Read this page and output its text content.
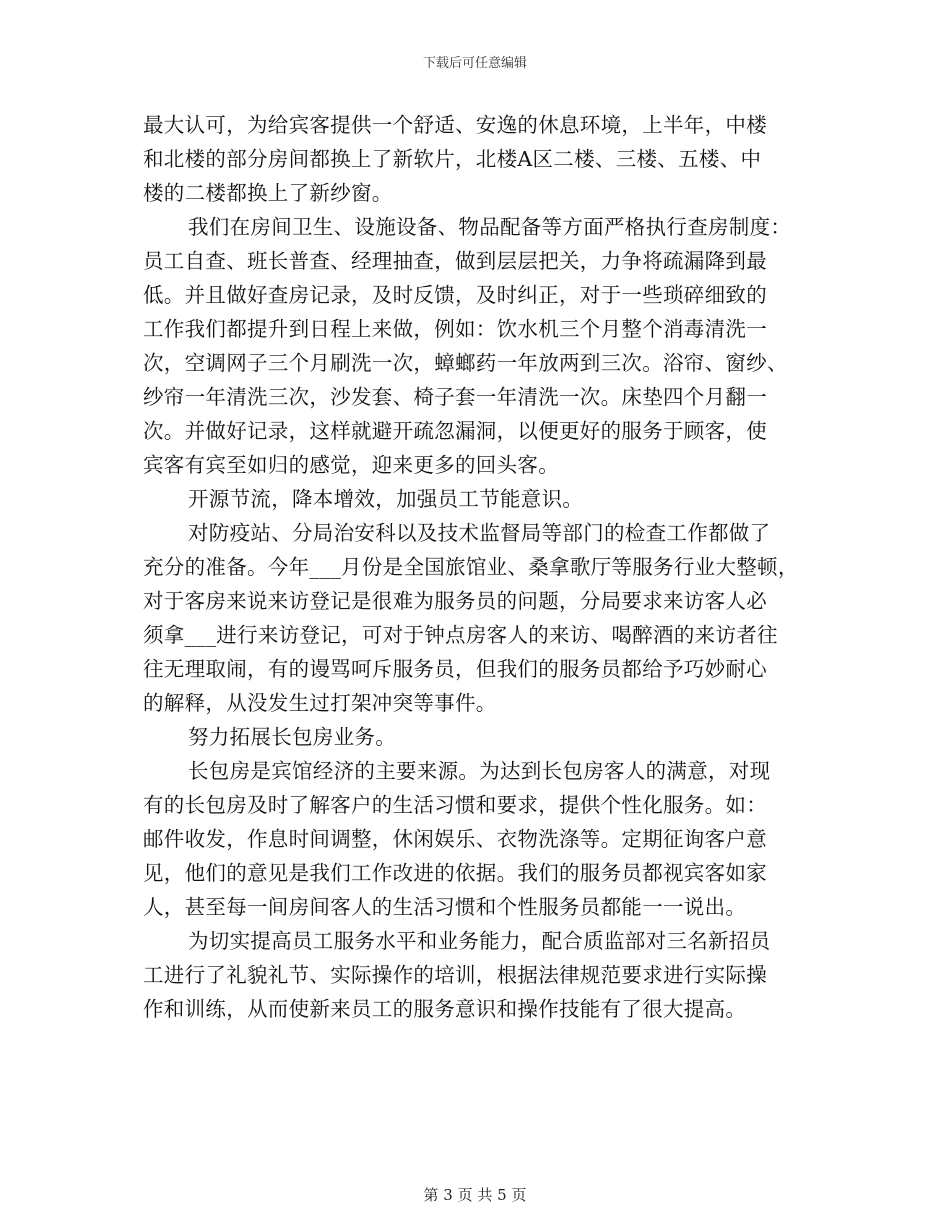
下载后可任意编辑
最大认可，为给宾客提供一个舒适、安逸的休息环境，上半年，中楼
和北楼的部分房间都换上了新软片，北楼A区二楼、三楼、五楼、中
楼的二楼都换上了新纱窗。
我们在房间卫生、设施设备、物品配备等方面严格执行查房制度：
员工自查、班长普查、经理抽查，做到层层把关，力争将疏漏降到最
低。并且做好查房记录，及时反馈，及时纠正，对于一些琐碎细致的
工作我们都提升到日程上来做，例如：饮水机三个月整个消毒清洗一
次，空调网子三个月刷洗一次，蟑螂药一年放两到三次。浴帘、窗纱、
纱帘一年清洗三次，沙发套、椅子套一年清洗一次。床垫四个月翻一
次。并做好记录，这样就避开疏忽漏洞，以便更好的服务于顾客，使
宾客有宾至如归的感觉，迎来更多的回头客。
开源节流，降本增效，加强员工节能意识。
对防疫站、分局治安科以及技术监督局等部门的检查工作都做了
充分的准备。今年___月份是全国旅馆业、桑拿歌厅等服务行业大整顿，
对于客房来说来访登记是很难为服务员的问题，分局要求来访客人必
须拿___进行来访登记，可对于钟点房客人的来访、喝醉酒的来访者往
往无理取闹，有的谩骂呵斥服务员，但我们的服务员都给予巧妙耐心
的解释，从没发生过打架冲突等事件。
努力拓展长包房业务。
长包房是宾馆经济的主要来源。为达到长包房客人的满意，对现
有的长包房及时了解客户的生活习惯和要求，提供个性化服务。如：
邮件收发，作息时间调整，休闲娱乐、衣物洗涤等。定期征询客户意
见，他们的意见是我们工作改进的依据。我们的服务员都视宾客如家
人，甚至每一间房间客人的生活习惯和个性服务员都能一一说出。
为切实提高员工服务水平和业务能力，配合质监部对三名新招员
工进行了礼貌礼节、实际操作的培训，根据法律规范要求进行实际操
作和训练，从而使新来员工的服务意识和操作技能有了很大提高。
第 3 页 共 5 页
